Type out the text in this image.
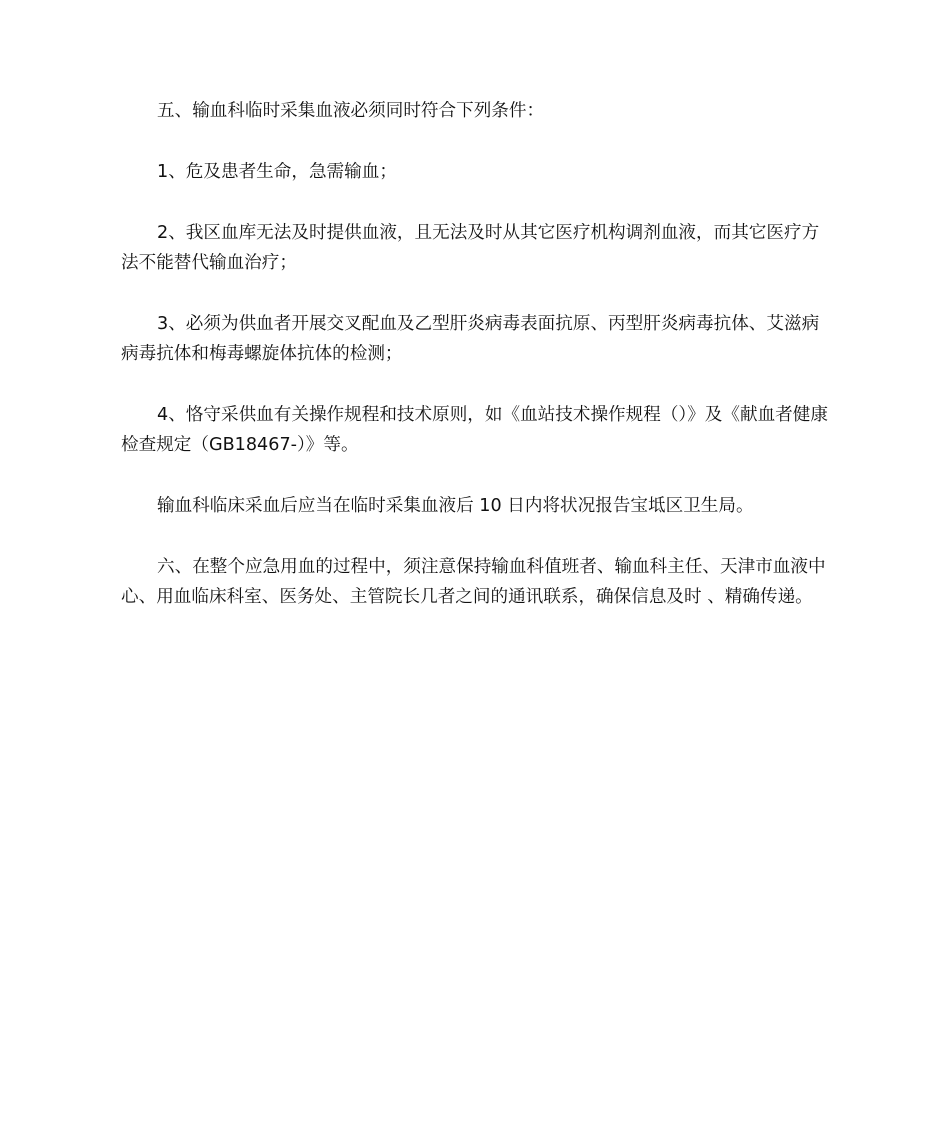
五、输血科临时采集血液必须同时符合下列条件：

1、危及患者生命，急需输血；

2、我区血库无法及时提供血液，且无法及时从其它医疗机构调剂血液，而其它医疗方法不能替代输血治疗；

3、必须为供血者开展交叉配血及乙型肝炎病毒表面抗原、丙型肝炎病毒抗体、艾滋病病毒抗体和梅毒螺旋体抗体的检测；

4、恪守采供血有关操作规程和技术原则，如《血站技术操作规程（）》及《献血者健康检查规定（GB18467-）》等。

输血科临床采血后应当在临时采集血液后 10 日内将状况报告宝坻区卫生局。

六、在整个应急用血的过程中，须注意保持输血科值班者、输血科主任、天津市血液中心、用血临床科室、医务处、主管院长几者之间的通讯联系，确保信息及时 、精确传递。
